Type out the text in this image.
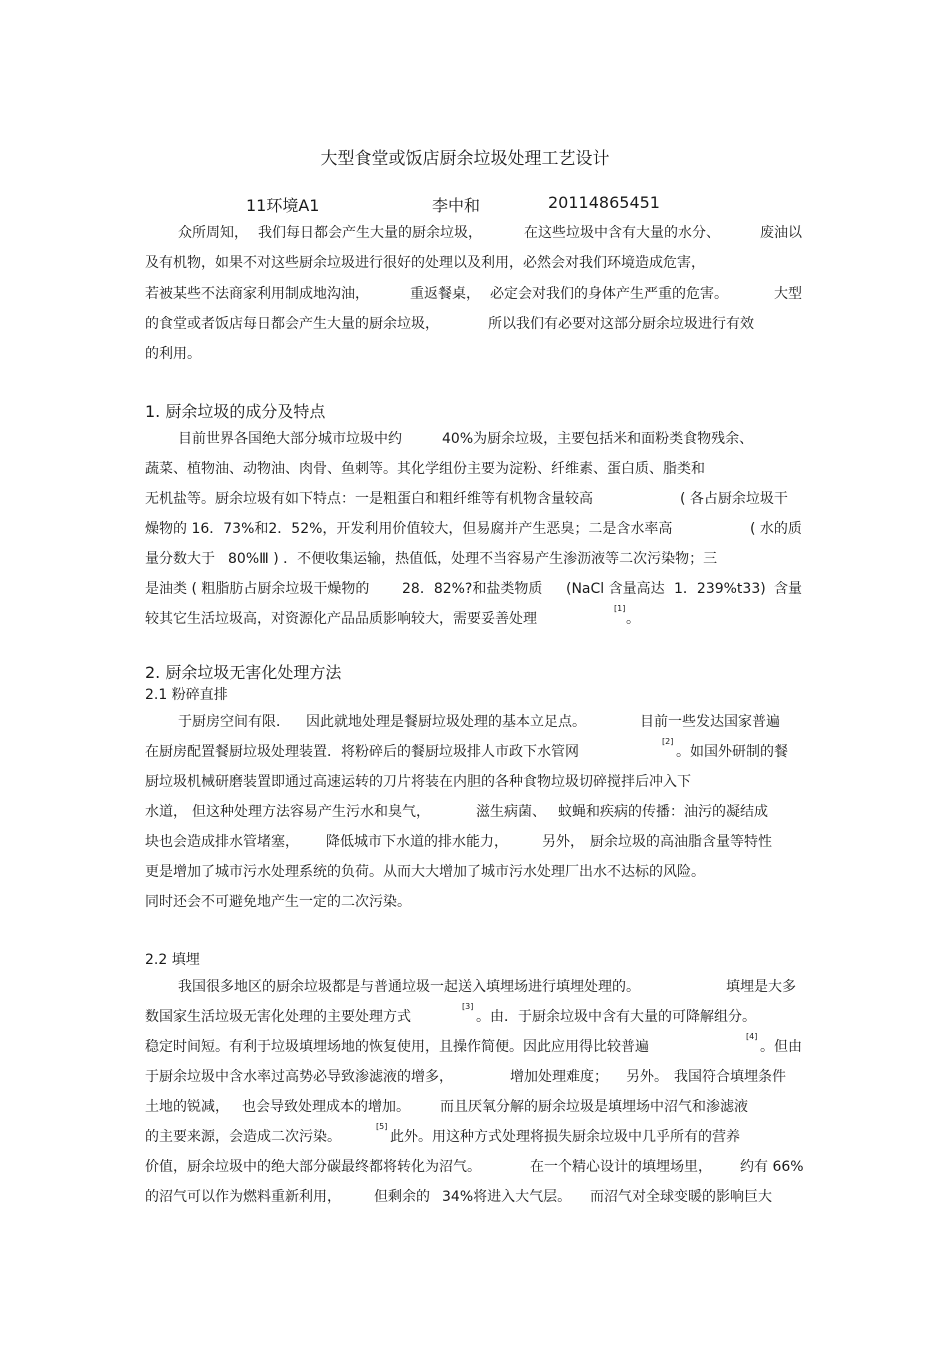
大型食堂或饭店厨余垃圾处理工艺设计
11环境A1	李中和	20114865451
众所周知， 我们每日都会产生大量的厨余垃圾，	在这些垃圾中含有大量的水分、	废油以
及有机物，如果不对这些厨余垃圾进行很好的处理以及利用，必然会对我们环境造成危害，
若被某些不法商家利用制成地沟油，	重返餐桌， 必定会对我们的身体产生严重的危害。	大型
的食堂或者饭店每日都会产生大量的厨余垃圾，	所以我们有必要对这部分厨余垃圾进行有效
的利用。
1. 厨余垃圾的成分及特点
目前世界各国绝大部分城市垃圾中约	40%为厨余垃圾，主要包括米和面粉类食物残余、
蔬菜、植物油、动物油、肉骨、鱼刺等。其化学组份主要为淀粉、纤维素、蛋白质、脂类和
无机盐等。厨余垃圾有如下特点：一是粗蛋白和粗纤维等有机物含量较高	( 各占厨余垃圾干
燥物的 16．73%和2．52%，开发利用价值较大，但易腐并产生恶臭；二是含水率高	( 水的质
量分数大于 80%Ⅲ ) ．不便收集运输，热值低，处理不当容易产生渗沥液等二次污染物；三
是油类 ( 粗脂肪占厨余垃圾干燥物的 28．82%?和盐类物质 (NaCl 含量高达 1．239%t33) 含量
较其它生活垃圾高，对资源化产品品质影响较大，需要妥善处理
[1]
。
2. 厨余垃圾无害化处理方法
2.1 粉碎直排
于厨房空间有限． 因此就地处理是餐厨垃圾处理的基本立足点。	目前一些发达国家普遍
在厨房配置餐厨垃圾处理装置．将粉碎后的餐厨垃圾排人市政下水管网
[2]
。如国外研制的餐
厨垃圾机械研磨装置即通过高速运转的刀片将装在内胆的各种食物垃圾切碎搅拌后冲入下
水道， 但这种处理方法容易产生污水和臭气，	滋生病菌、 蚊蝇和疾病的传播：油污的凝结成
块也会造成排水管堵塞， 降低城市下水道的排水能力， 另外， 厨余垃圾的高油脂含量等特性
更是增加了城市污水处理系统的负荷。从而大大增加了城市污水处理厂出水不达标的风险。
同时还会不可避免地产生一定的二次污染。
2.2 填埋
我国很多地区的厨余垃圾都是与普通垃圾一起送入填埋场进行填埋处理的。	填埋是大多
数国家生活垃圾无害化处理的主要处理方式
[3]
。由．于厨余垃圾中含有大量的可降解组分。
稳定时间短。有利于垃圾填埋场地的恢复使用，且操作简便。因此应用得比较普遍
[4]
。但由
于厨余垃圾中含水率过高势必导致渗滤液的增多，	增加处理难度； 另外。 我国符合填埋条件
土地的锐减， 也会导致处理成本的增加。 而且厌氧分解的厨余垃圾是填埋场中沼气和渗滤液
的主要来源，会造成二次污染。
[5]
此外。用这种方式处理将损失厨余垃圾中几乎所有的营养
价值，厨余垃圾中的绝大部分碳最终都将转化为沼气。	在一个精心设计的填埋场里， 约有 66%
的沼气可以作为燃料重新利用， 但剩余的 34%将进入大气层。 而沼气对全球变暖的影响巨大
